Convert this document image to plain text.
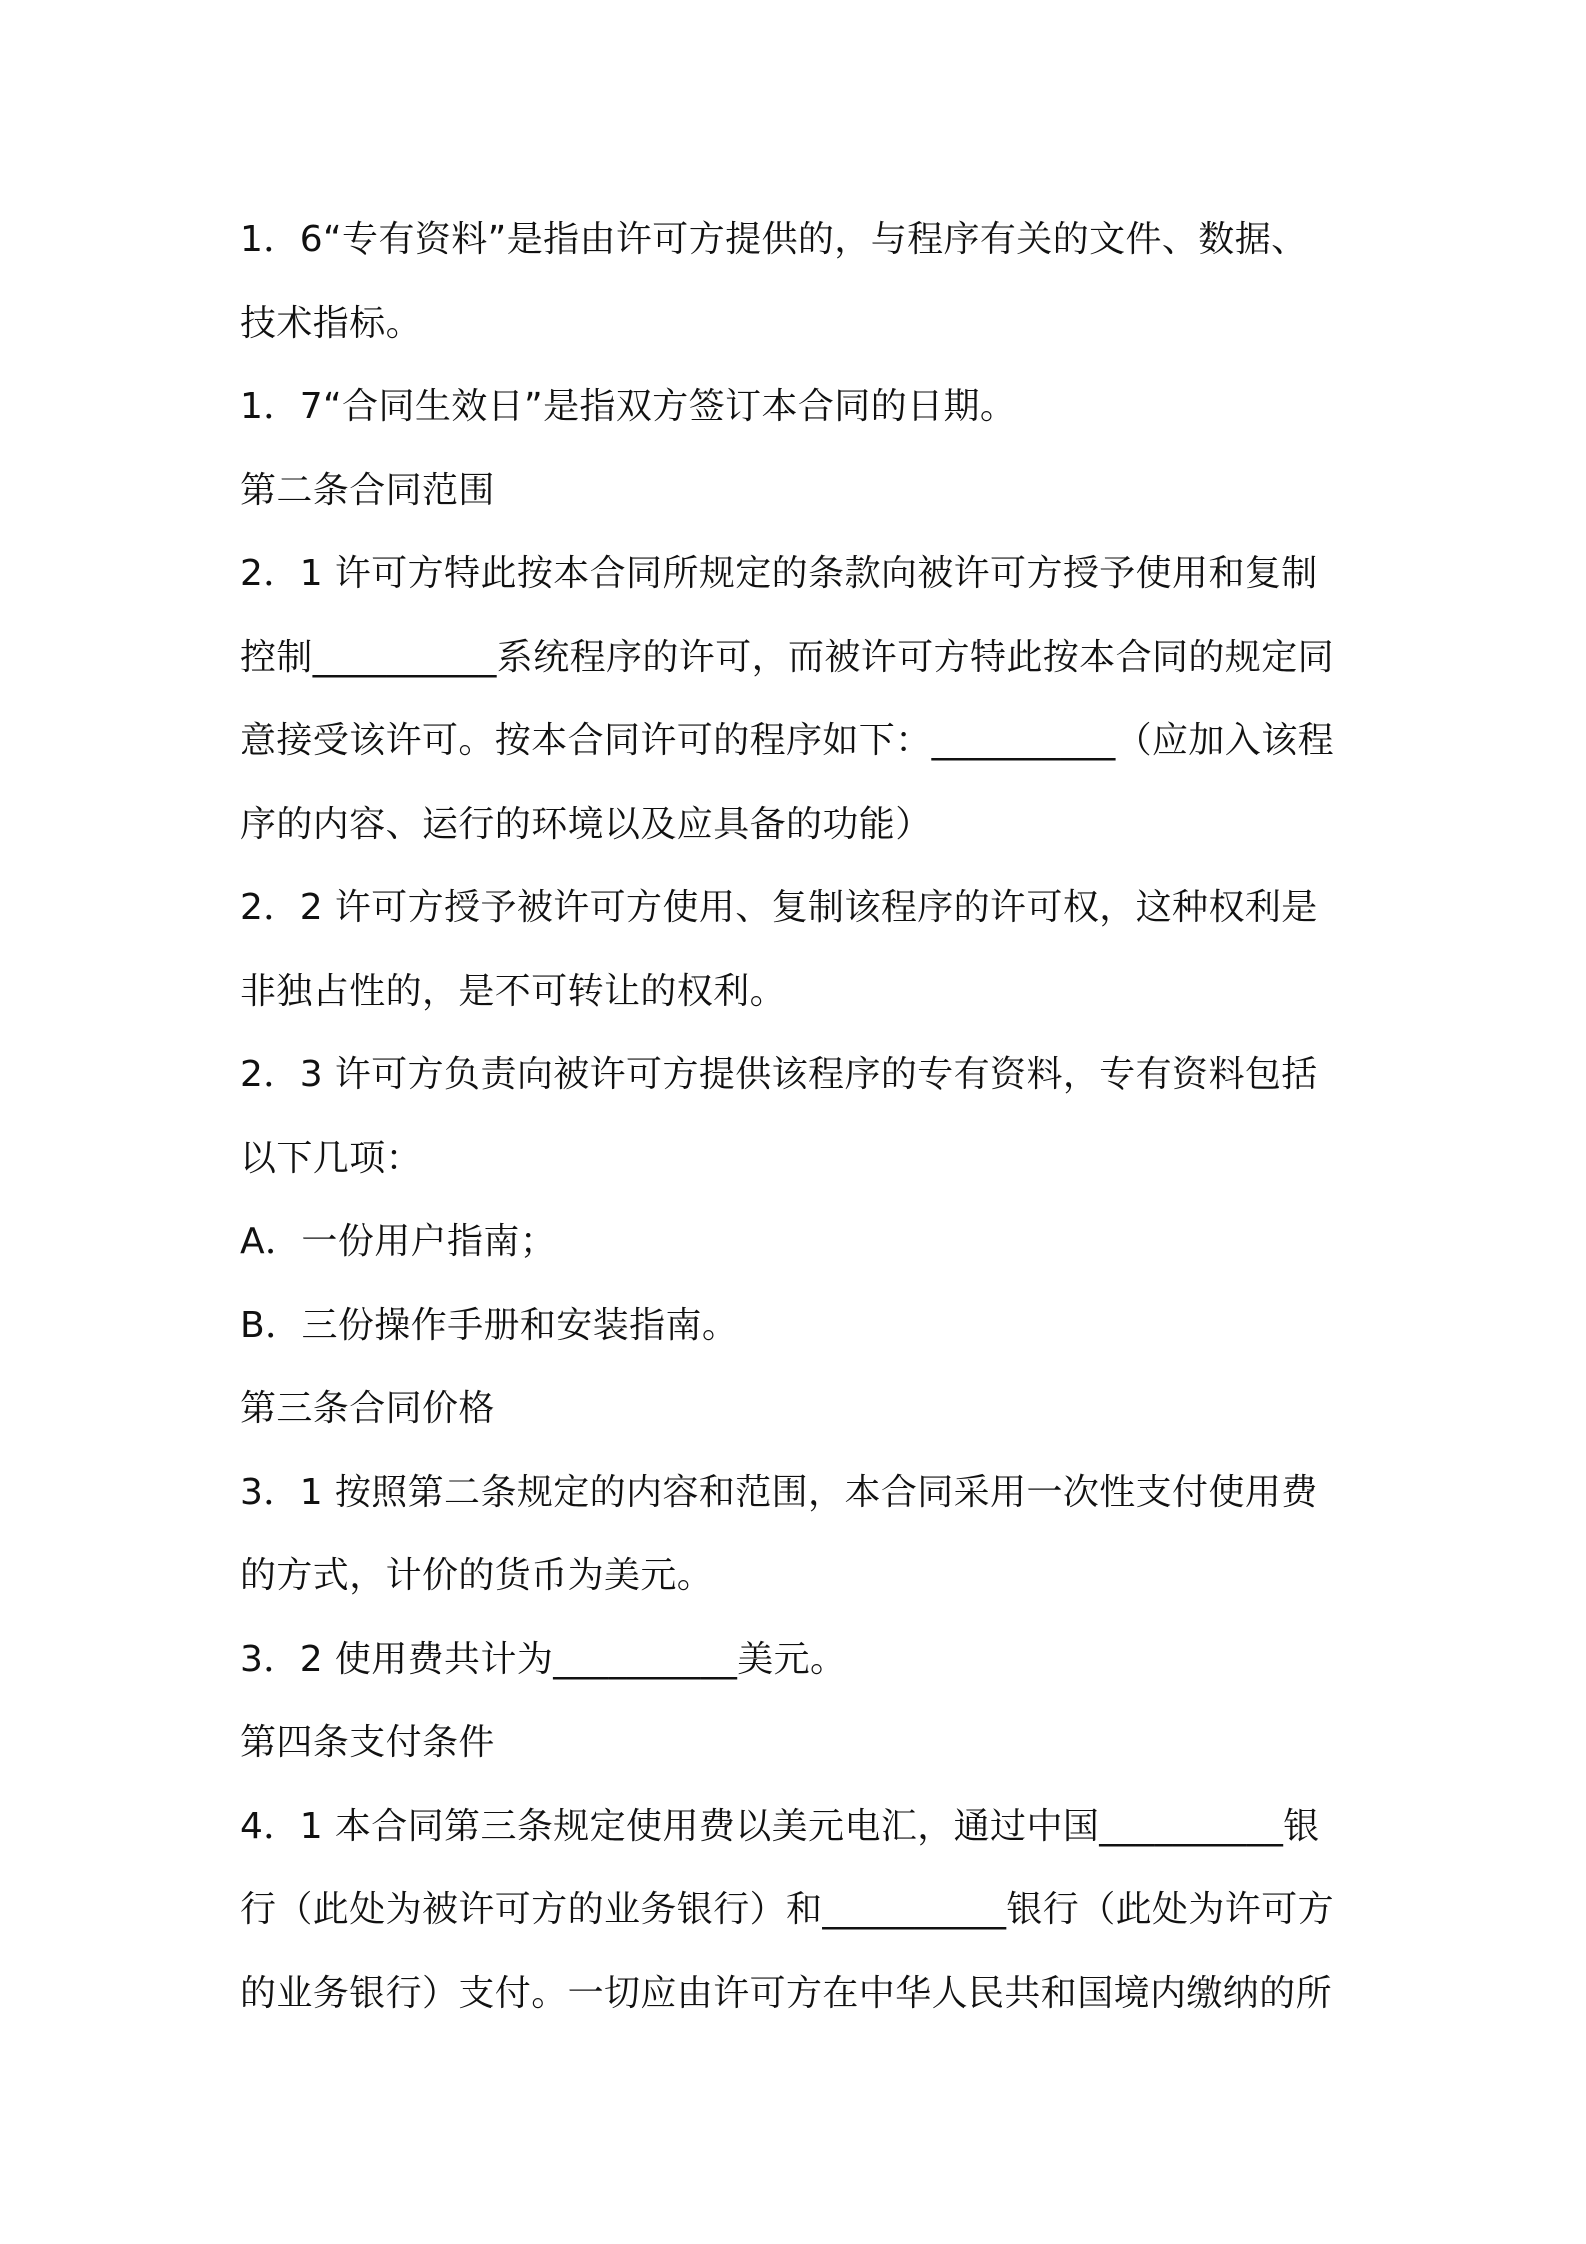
1．6“专有资料”是指由许可方提供的，与程序有关的文件、数据、
技术指标。
1．7“合同生效日”是指双方签订本合同的日期。
第二条合同范围
2．1 许可方特此按本合同所规定的条款向被许可方授予使用和复制
控制__________系统程序的许可，而被许可方特此按本合同的规定同
意接受该许可。按本合同许可的程序如下：__________（应加入该程
序的内容、运行的环境以及应具备的功能）
2．2 许可方授予被许可方使用、复制该程序的许可权，这种权利是
非独占性的，是不可转让的权利。
2．3 许可方负责向被许可方提供该程序的专有资料，专有资料包括
以下几项：
A．一份用户指南；
B．三份操作手册和安装指南。
第三条合同价格
3．1 按照第二条规定的内容和范围，本合同采用一次性支付使用费
的方式，计价的货币为美元。
3．2 使用费共计为__________美元。
第四条支付条件
4．1 本合同第三条规定使用费以美元电汇，通过中国__________银
行（此处为被许可方的业务银行）和__________银行（此处为许可方
的业务银行）支付。一切应由许可方在中华人民共和国境内缴纳的所
